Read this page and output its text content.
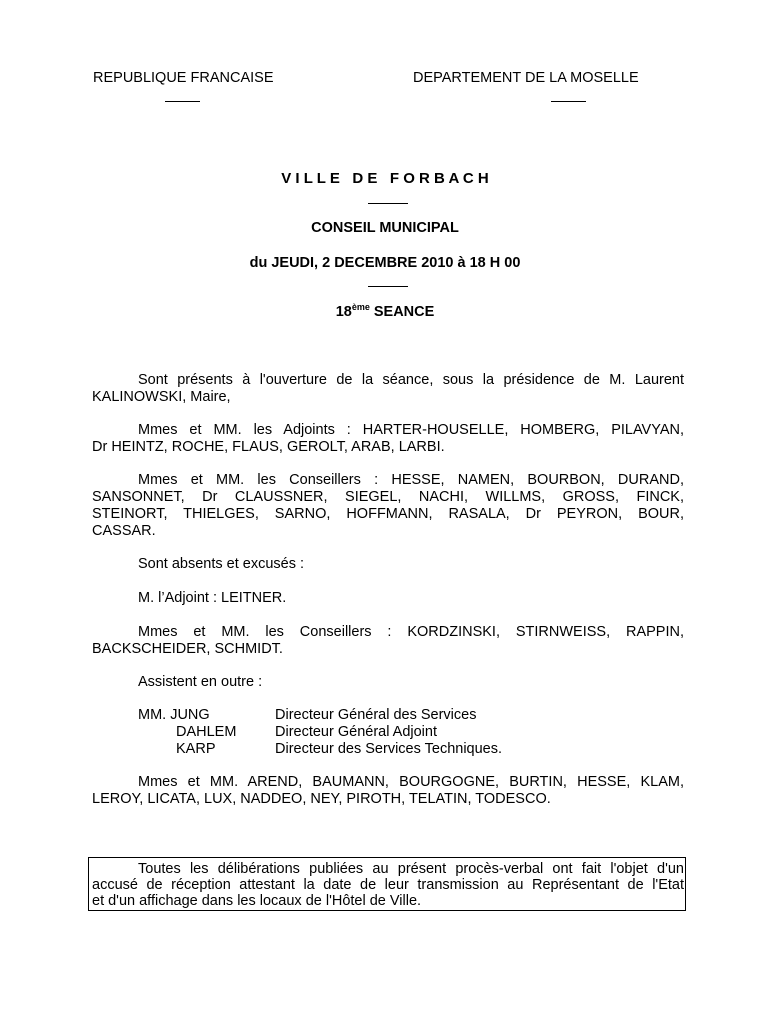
REPUBLIQUE FRANCAISE	DEPARTEMENT DE LA MOSELLE
V I L L E   D E   F O R B A C H
CONSEIL MUNICIPAL
du JEUDI, 2 DECEMBRE 2010 à 18 H 00
18ème SEANCE
Sont présents à l'ouverture de la séance, sous la présidence de M. Laurent
KALINOWSKI, Maire,
Mmes et MM. les Adjoints : HARTER-HOUSELLE, HOMBERG, PILAVYAN,
Dr HEINTZ, ROCHE, FLAUS, GEROLT, ARAB, LARBI.
Mmes et MM. les Conseillers : HESSE, NAMEN, BOURBON, DURAND,
SANSONNET, Dr CLAUSSNER, SIEGEL, NACHI, WILLMS, GROSS, FINCK,
STEINORT, THIELGES, SARNO, HOFFMANN, RASALA, Dr PEYRON, BOUR,
CASSAR.
Sont absents et excusés :
M. l’Adjoint : LEITNER.
Mmes et MM. les Conseillers : KORDZINSKI, STIRNWEISS, RAPPIN,
BACKSCHEIDER, SCHMIDT.
Assistent en outre :
MM. JUNG	Directeur Général des Services
DAHLEM	Directeur Général Adjoint
KARP	Directeur des Services Techniques.
Mmes et MM. AREND, BAUMANN, BOURGOGNE, BURTIN, HESSE, KLAM,
LEROY, LICATA, LUX, NADDEO, NEY, PIROTH, TELATIN, TODESCO.
Toutes les délibérations publiées au présent procès-verbal ont fait l'objet d'un
accusé de réception attestant la date de leur transmission au Représentant de l'Etat
et d'un affichage dans les locaux de l'Hôtel de Ville.
